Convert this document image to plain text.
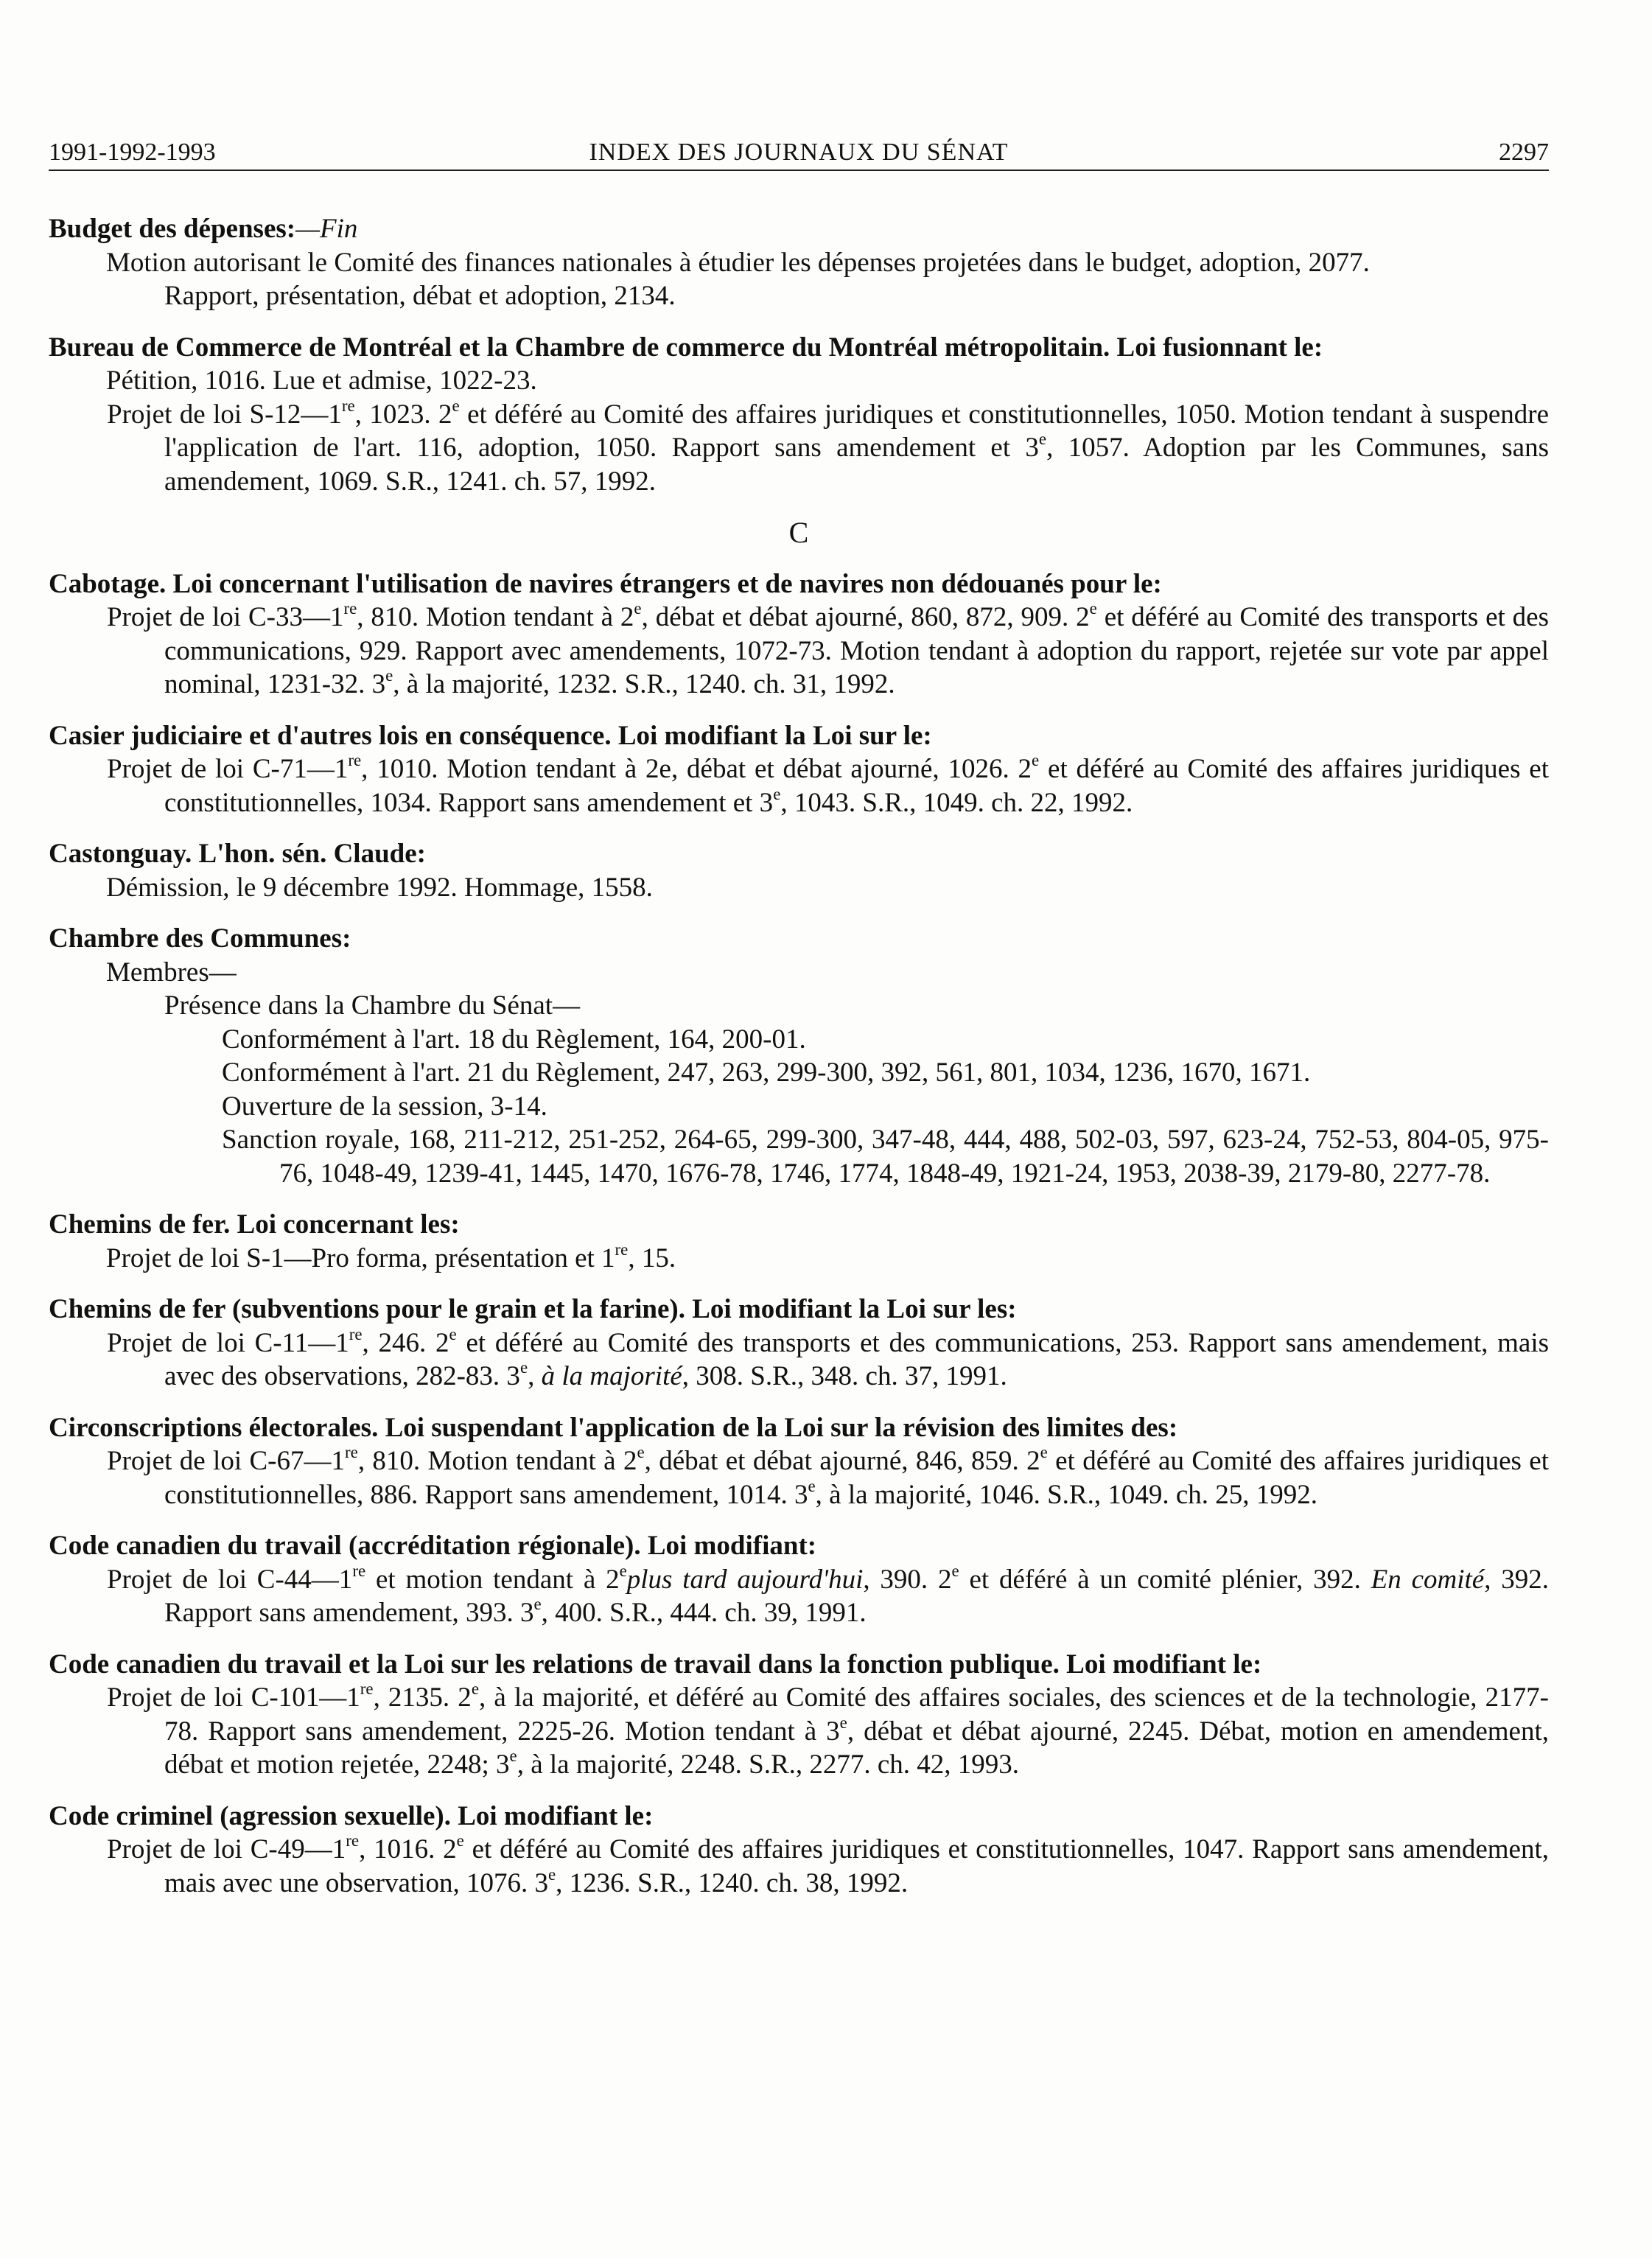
1991-1992-1993	INDEX DES JOURNAUX DU SÉNAT	2297
Budget des dépenses:—Fin
Motion autorisant le Comité des finances nationales à étudier les dépenses projetées dans le budget, adoption, 2077.
Rapport, présentation, débat et adoption, 2134.
Bureau de Commerce de Montréal et la Chambre de commerce du Montréal métropolitain. Loi fusionnant le:
Pétition, 1016. Lue et admise, 1022-23.
Projet de loi S-12—1re, 1023. 2e et déféré au Comité des affaires juridiques et constitutionnelles, 1050. Motion tendant à suspendre l'application de l'art. 116, adoption, 1050. Rapport sans amendement et 3e, 1057. Adoption par les Communes, sans amendement, 1069. S.R., 1241. ch. 57, 1992.
C
Cabotage. Loi concernant l'utilisation de navires étrangers et de navires non dédouanés pour le:
Projet de loi C-33—1re, 810. Motion tendant à 2e, débat et débat ajourné, 860, 872, 909. 2e et déféré au Comité des transports et des communications, 929. Rapport avec amendements, 1072-73. Motion tendant à adoption du rapport, rejetée sur vote par appel nominal, 1231-32. 3e, à la majorité, 1232. S.R., 1240. ch. 31, 1992.
Casier judiciaire et d'autres lois en conséquence. Loi modifiant la Loi sur le:
Projet de loi C-71—1re, 1010. Motion tendant à 2e, débat et débat ajourné, 1026. 2e et déféré au Comité des affaires juridiques et constitutionnelles, 1034. Rapport sans amendement et 3e, 1043. S.R., 1049. ch. 22, 1992.
Castonguay. L'hon. sén. Claude:
Démission, le 9 décembre 1992. Hommage, 1558.
Chambre des Communes:
Membres—
Présence dans la Chambre du Sénat—
Conformément à l'art. 18 du Règlement, 164, 200-01.
Conformément à l'art. 21 du Règlement, 247, 263, 299-300, 392, 561, 801, 1034, 1236, 1670, 1671.
Ouverture de la session, 3-14.
Sanction royale, 168, 211-212, 251-252, 264-65, 299-300, 347-48, 444, 488, 502-03, 597, 623-24, 752-53, 804-05, 975-76, 1048-49, 1239-41, 1445, 1470, 1676-78, 1746, 1774, 1848-49, 1921-24, 1953, 2038-39, 2179-80, 2277-78.
Chemins de fer. Loi concernant les:
Projet de loi S-1—Pro forma, présentation et 1re, 15.
Chemins de fer (subventions pour le grain et la farine). Loi modifiant la Loi sur les:
Projet de loi C-11—1re, 246. 2e et déféré au Comité des transports et des communications, 253. Rapport sans amendement, mais avec des observations, 282-83. 3e, à la majorité, 308. S.R., 348. ch. 37, 1991.
Circonscriptions électorales. Loi suspendant l'application de la Loi sur la révision des limites des:
Projet de loi C-67—1re, 810. Motion tendant à 2e, débat et débat ajourné, 846, 859. 2e et déféré au Comité des affaires juridiques et constitutionnelles, 886. Rapport sans amendement, 1014. 3e, à la majorité, 1046. S.R., 1049. ch. 25, 1992.
Code canadien du travail (accréditation régionale). Loi modifiant:
Projet de loi C-44—1re et motion tendant à 2eplus tard aujourd'hui, 390. 2e et déféré à un comité plénier, 392. En comité, 392. Rapport sans amendement, 393. 3e, 400. S.R., 444. ch. 39, 1991.
Code canadien du travail et la Loi sur les relations de travail dans la fonction publique. Loi modifiant le:
Projet de loi C-101—1re, 2135. 2e, à la majorité, et déféré au Comité des affaires sociales, des sciences et de la technologie, 2177-78. Rapport sans amendement, 2225-26. Motion tendant à 3e, débat et débat ajourné, 2245. Débat, motion en amendement, débat et motion rejetée, 2248; 3e, à la majorité, 2248. S.R., 2277. ch. 42, 1993.
Code criminel (agression sexuelle). Loi modifiant le:
Projet de loi C-49—1re, 1016. 2e et déféré au Comité des affaires juridiques et constitutionnelles, 1047. Rapport sans amendement, mais avec une observation, 1076. 3e, 1236. S.R., 1240. ch. 38, 1992.
